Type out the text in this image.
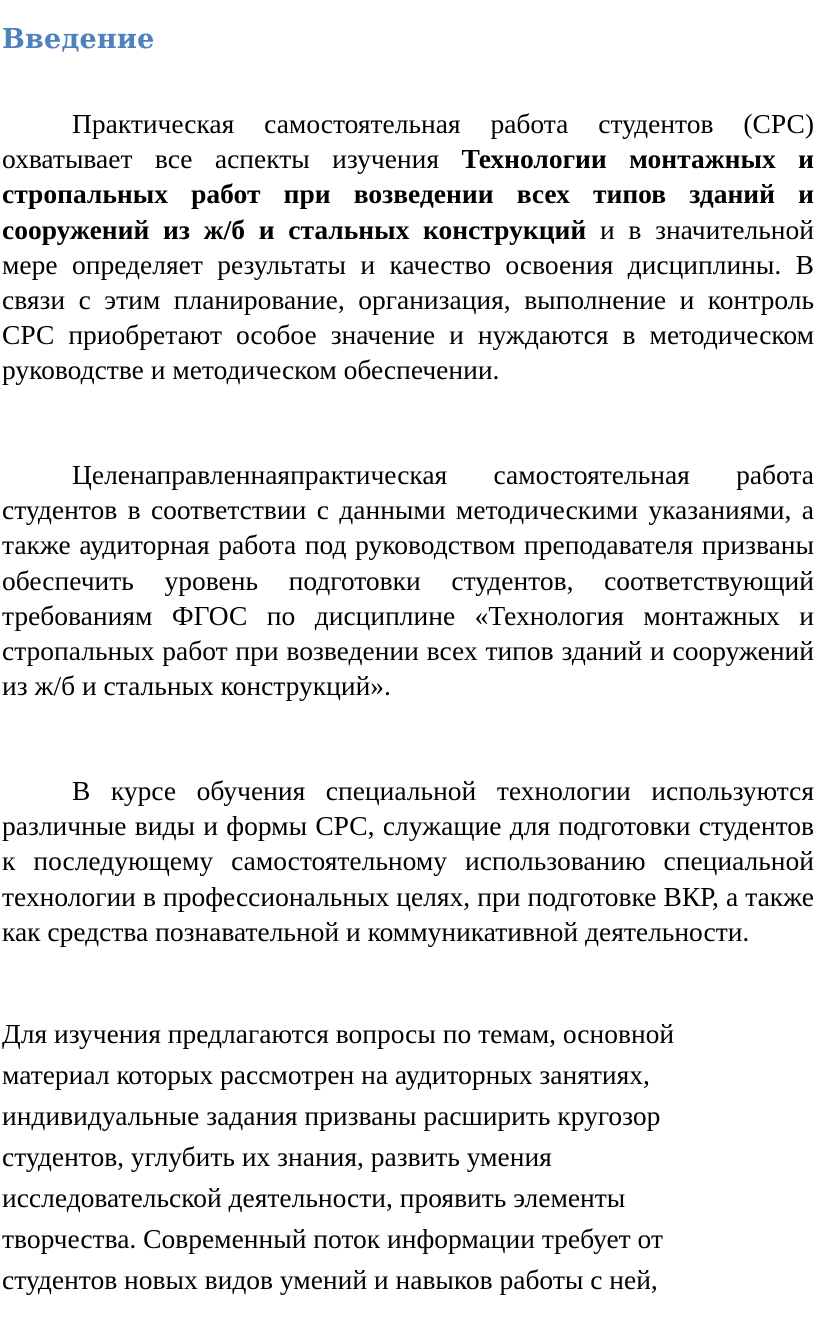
Введение

Практическая самостоятельная работа студентов (СРС) охватывает все аспекты изучения Технологии монтажных и стропальных работ при возведении всех типов зданий и сооружений из ж/б и стальных конструкций и в значительной мере определяет результаты и качество освоения дисциплины. В связи с этим планирование, организация, выполнение и контроль СРС приобретают особое значение и нуждаются в методическом руководстве и методическом обеспечении.

Целенаправленнаяпрактическая самостоятельная работа студентов в соответствии с данными методическими указаниями, а также аудиторная работа под руководством преподавателя призваны обеспечить уровень подготовки студентов, соответствующий требованиям ФГОС по дисциплине «Технология монтажных и стропальных работ при возведении всех типов зданий и сооружений из ж/б и стальных конструкций».

В курсе обучения специальной технологии используются различные виды и формы СРС, служащие для подготовки студентов к последующему самостоятельному использованию специальной технологии в профессиональных целях, при подготовке ВКР, а также как средства познавательной и коммуникативной деятельности.

Для изучения предлагаются вопросы по темам, основной
материал которых рассмотрен на аудиторных занятиях,
индивидуальные задания призваны расширить кругозор
студентов, углубить их знания, развить умения
исследовательской деятельности, проявить элементы
творчества. Современный поток информации требует от
студентов новых видов умений и навыков работы с ней,
